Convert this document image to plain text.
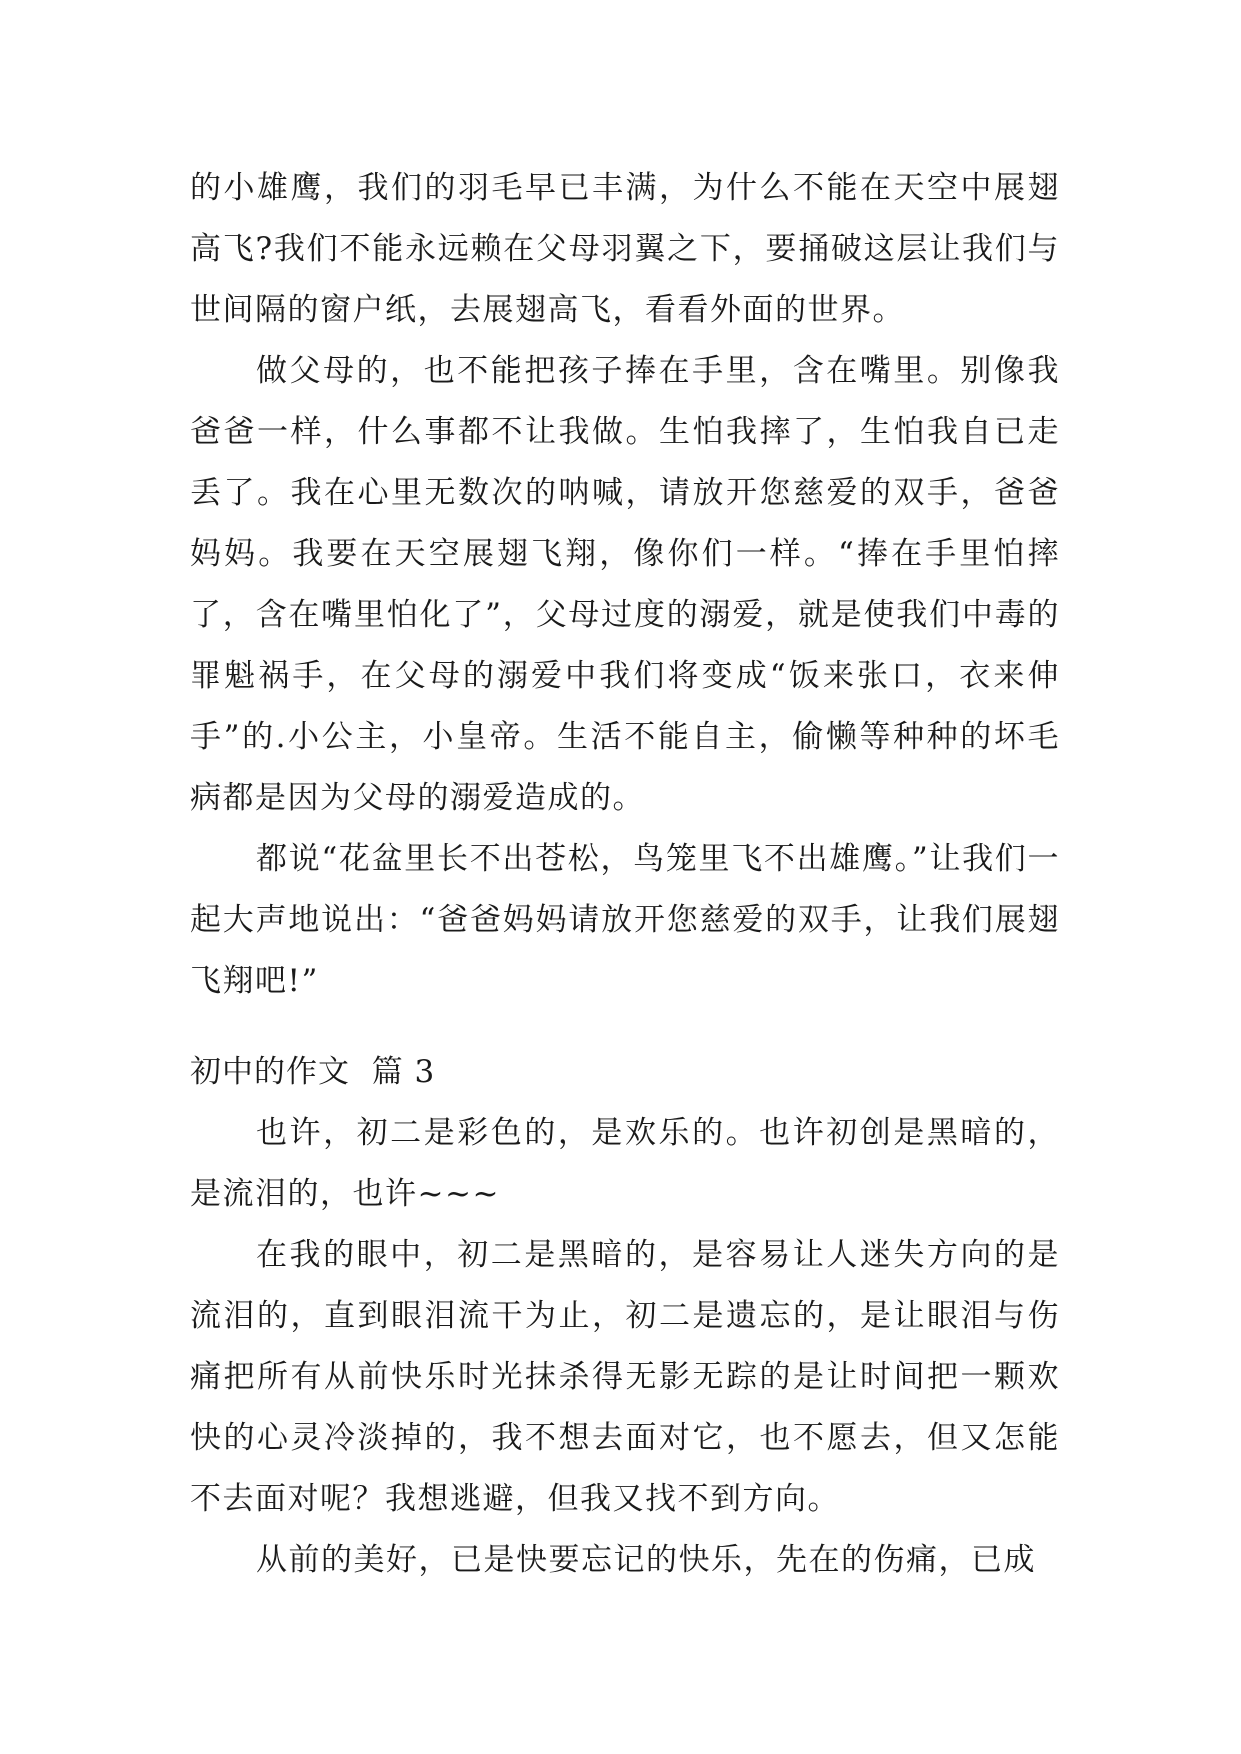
的小雄鹰，我们的羽毛早已丰满，为什么不能在天空中展翅高飞?我们不能永远赖在父母羽翼之下，要捅破这层让我们与世间隔的窗户纸，去展翅高飞，看看外面的世界。

做父母的，也不能把孩子捧在手里，含在嘴里。别像我爸爸一样，什么事都不让我做。生怕我摔了，生怕我自已走丢了。我在心里无数次的呐喊，请放开您慈爱的双手，爸爸妈妈。我要在天空展翅飞翔，像你们一样。“捧在手里怕摔了，含在嘴里怕化了”，父母过度的溺爱，就是使我们中毒的罪魁祸手，在父母的溺爱中我们将变成“饭来张口，衣来伸手”的.小公主，小皇帝。生活不能自主，偷懒等种种的坏毛病都是因为父母的溺爱造成的。

都说“花盆里长不出苍松，鸟笼里飞不出雄鹰。”让我们一起大声地说出：“爸爸妈妈请放开您慈爱的双手，让我们展翅飞翔吧!”

初中的作文  篇 3

也许，初二是彩色的，是欢乐的。也许初创是黑暗的，是流泪的，也许~~~

在我的眼中，初二是黑暗的，是容易让人迷失方向的是流泪的，直到眼泪流干为止，初二是遗忘的，是让眼泪与伤痛把所有从前快乐时光抹杀得无影无踪的是让时间把一颗欢快的心灵冷淡掉的，我不想去面对它，也不愿去，但又怎能不去面对呢？我想逃避，但我又找不到方向。

从前的美好，已是快要忘记的快乐，先在的伤痛，已成
